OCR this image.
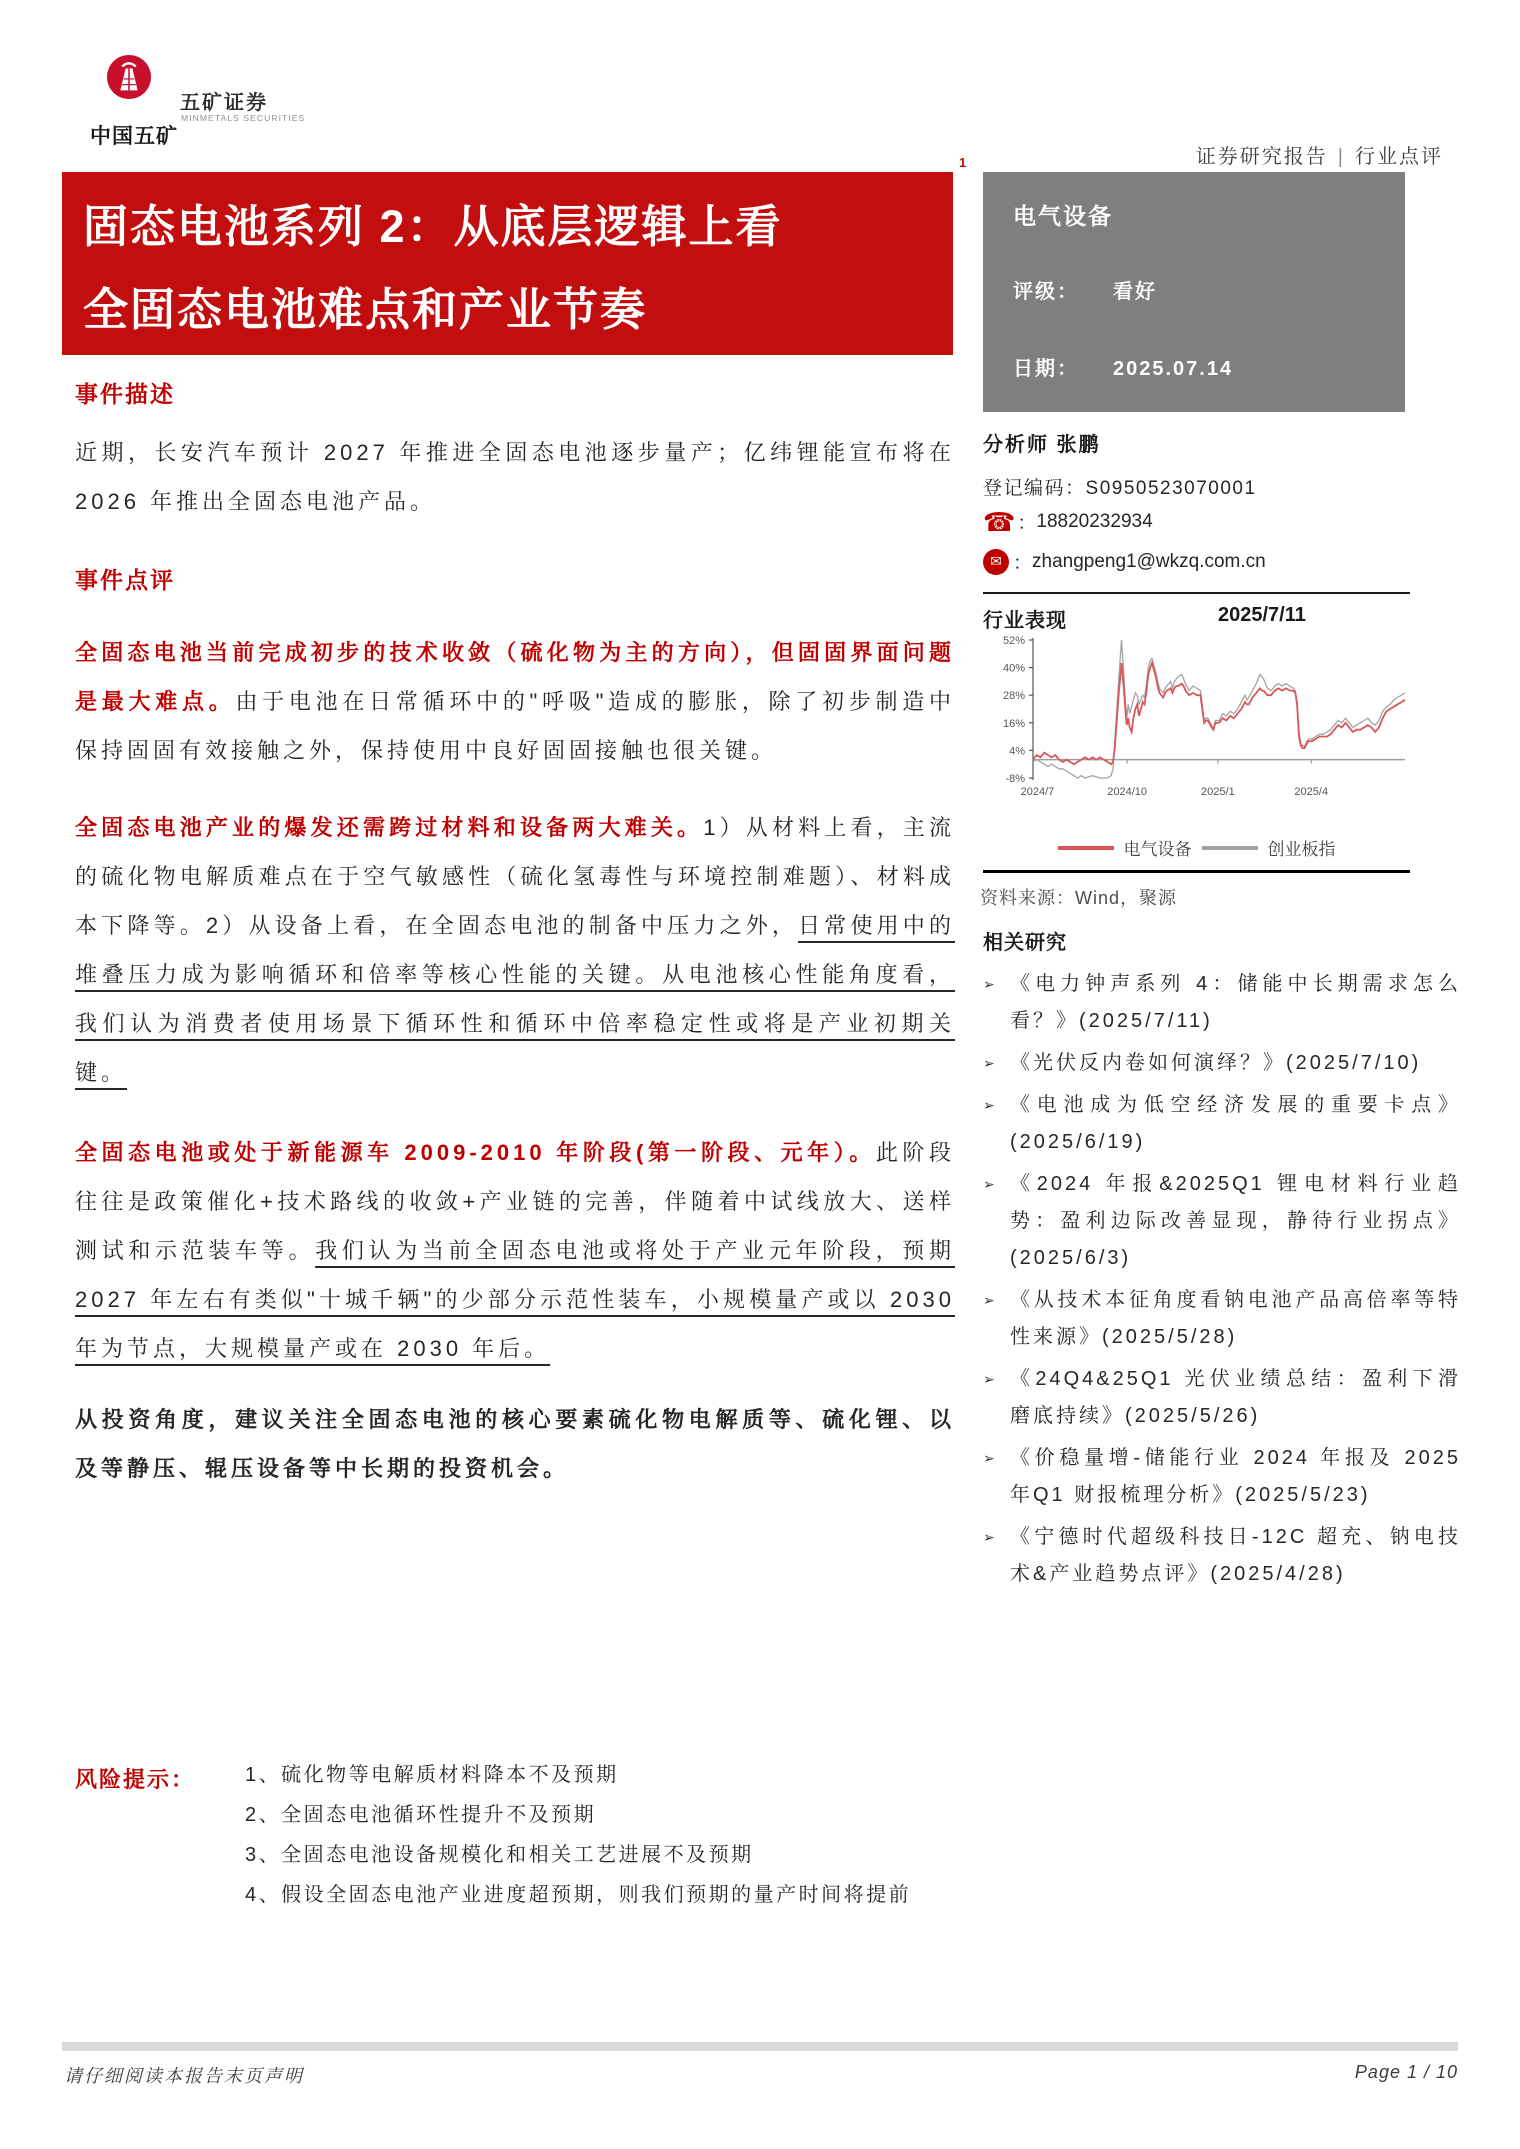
中国五矿
五矿证券
MINMETALS SECURITIES
证券研究报告 | 行业点评
固态电池系列 2：从底层逻辑上看
全固态电池难点和产业节奏
1
电气设备
评级： 看好
日期： 2025.07.14
事件描述

近期，长安汽车预计 2027 年推进全固态电池逐步量产；亿纬锂能宣布将在 2026 年推出全固态电池产品。

事件点评

全固态电池当前完成初步的技术收敛（硫化物为主的方向），但固固界面问题是最大难点。由于电池在日常循环中的"呼吸"造成的膨胀，除了初步制造中保持固固有效接触之外，保持使用中良好固固接触也很关键。

全固态电池产业的爆发还需跨过材料和设备两大难关。1）从材料上看，主流的硫化物电解质难点在于空气敏感性（硫化氢毒性与环境控制难题）、材料成本下降等。2）从设备上看，在全固态电池的制备中压力之外，日常使用中的堆叠压力成为影响循环和倍率等核心性能的关键。从电池核心性能角度看，我们认为消费者使用场景下循环性和循环中倍率稳定性或将是产业初期关键。

全固态电池或处于新能源车 2009-2010 年阶段(第一阶段、元年）。此阶段往往是政策催化+技术路线的收敛+产业链的完善，伴随着中试线放大、送样测试和示范装车等。我们认为当前全固态电池或将处于产业元年阶段，预期 2027 年左右有类似"十城千辆"的少部分示范性装车，小规模量产或以 2030 年为节点，大规模量产或在 2030 年后。

从投资角度，建议关注全固态电池的核心要素硫化物电解质等、硫化锂、以及等静压、辊压设备等中长期的投资机会。

风险提示： 1、硫化物等电解质材料降本不及预期
2、全固态电池循环性提升不及预期
3、全固态电池设备规模化和相关工艺进展不及预期
4、假设全固态电池产业进度超预期，则我们预期的量产时间将提前
分析师 张鹏
登记编码：S0950523070001
☎ ： 18820232934
✉ ： zhangpeng1@wkzq.com.cn
行业表现	2025/7/11
52%
40%
28%
16%
4%
-8%
2024/7	2024/10	2025/1	2025/4
电气设备	创业板指
资料来源：Wind，聚源
相关研究
➢ 《电力钟声系列 4：储能中长期需求怎么看？》(2025/7/11)
➢ 《光伏反内卷如何演绎？》(2025/7/10)
➢ 《电池成为低空经济发展的重要卡点》(2025/6/19)
➢ 《2024 年报&2025Q1 锂电材料行业趋势：盈利边际改善显现，静待行业拐点》(2025/6/3)
➢ 《从技术本征角度看钠电池产品高倍率等特性来源》(2025/5/28)
➢ 《24Q4&25Q1 光伏业绩总结：盈利下滑 磨底持续》(2025/5/26)
➢ 《价稳量增-储能行业 2024 年报及 2025 年Q1 财报梳理分析》(2025/5/23)
➢ 《宁德时代超级科技日-12C 超充、钠电技术&产业趋势点评》(2025/4/28)
请仔细阅读本报告末页声明	Page 1 / 10
